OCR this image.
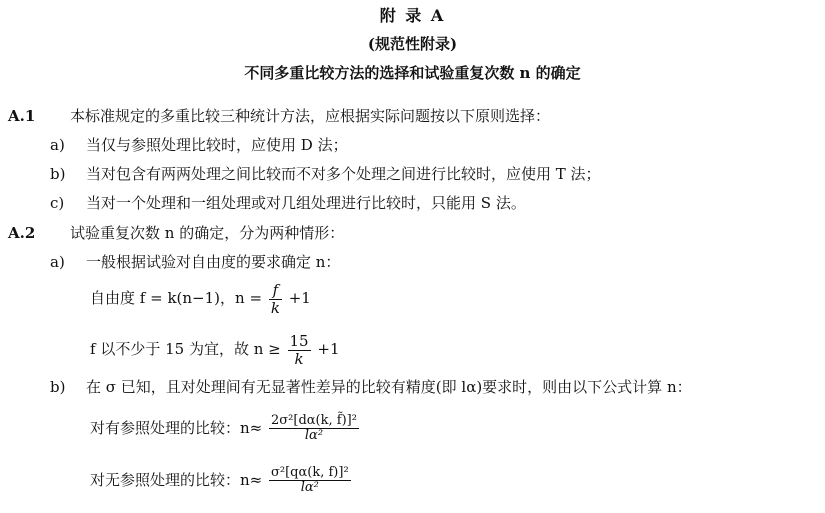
附 录 A
(规范性附录)
不同多重比较方法的选择和试验重复次数 n 的确定
A.1 本标准规定的多重比较三种统计方法，应根据实际问题按以下原则选择：
a) 当仅与参照处理比较时，应使用 D 法；
b) 当对包含有两两处理之间比较而不对多个处理之间进行比较时，应使用 T 法；
c) 当对一个处理和一组处理或对几组处理进行比较时，只能用 S 法。
A.2 试验重复次数 n 的确定，分为两种情形：
a) 一般根据试验对自由度的要求确定 n：
自由度 f = k(n−1)，$n = \frac{f}{k} +1$
f 以不少于 15 为宜，故 $n \ge \frac{15}{k} +1$
b) 在 σ 已知，且对处理间有无显著性差异的比较有精度(即 lα)要求时，则由以下公式计算 n：
对有参照处理的比较：$n\approx \frac{\text{2σ²[dα(k, f̃)]²}}{\text{lα²}}$
对无参照处理的比较：$n\approx \frac{\text{σ²[qα(k, f)]²}}{\text{lα²}}$
